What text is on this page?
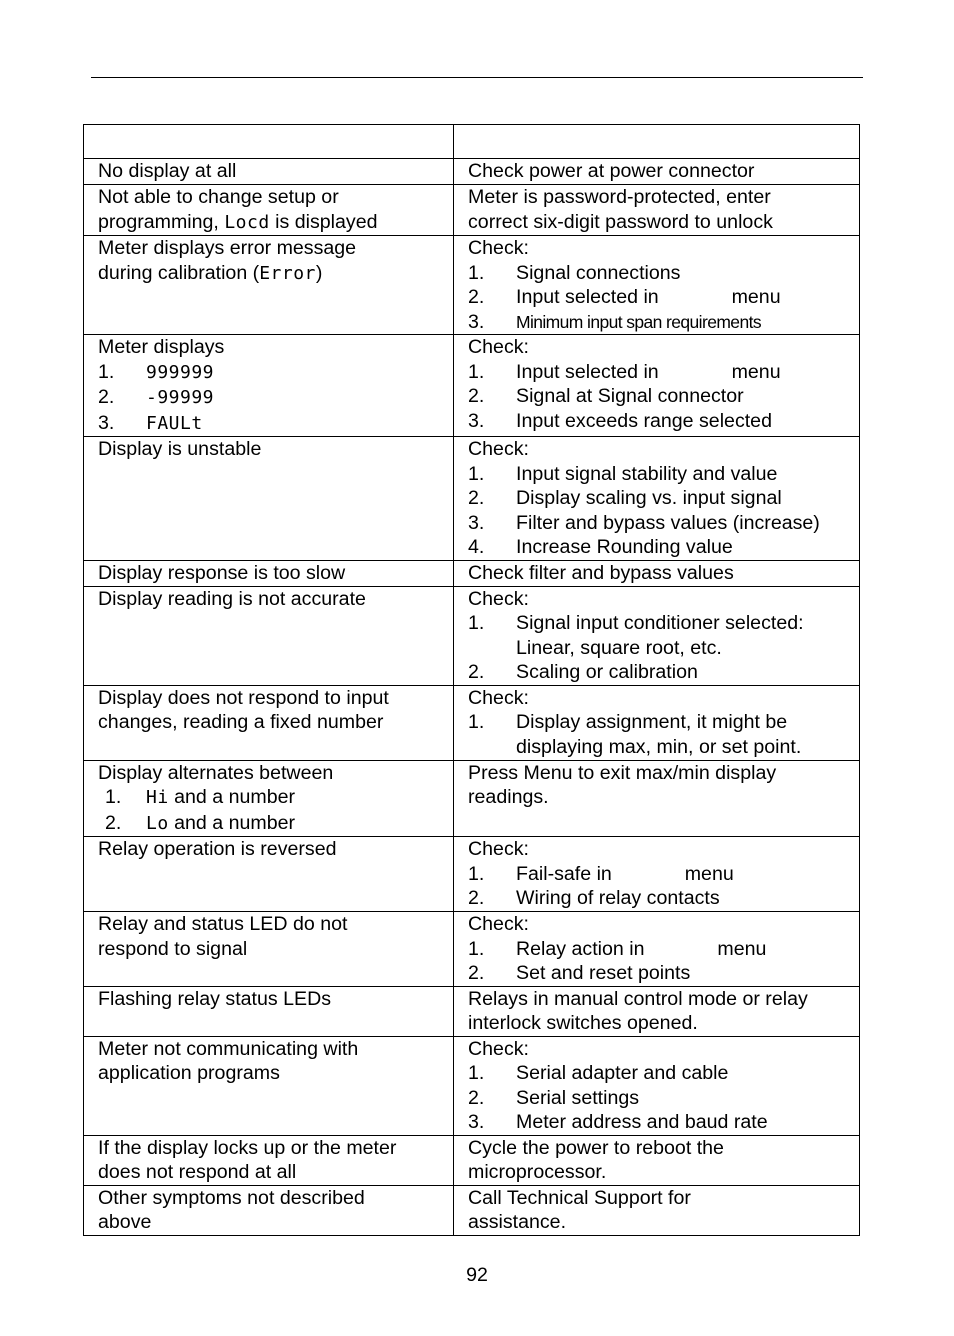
No display at all	Check power at power connector

Not able to change setup or
programming, Locd is displayed	Meter is password-protected, enter
correct six-digit password to unlock

Meter displays error message
during calibration (Error)	Check:
1. Signal connections
2. Input selected in menu
3. Minimum input span requirements

Meter displays
1. 999999
2. -99999
3. FAULt	Check:
1. Input selected in menu
2. Signal at Signal connector
3. Input exceeds range selected

Display is unstable	Check:
1. Input signal stability and value
2. Display scaling vs. input signal
3. Filter and bypass values (increase)
4. Increase Rounding value

Display response is too slow	Check filter and bypass values

Display reading is not accurate	Check:
1. Signal input conditioner selected:
Linear, square root, etc.
2. Scaling or calibration

Display does not respond to input
changes, reading a fixed number	Check:
1. Display assignment, it might be
displaying max, min, or set point.

Display alternates between
1. Hi and a number
2. Lo and a number	Press Menu to exit max/min display
readings.

Relay operation is reversed	Check:
1. Fail-safe in menu
2. Wiring of relay contacts

Relay and status LED do not
respond to signal	Check:
1. Relay action in menu
2. Set and reset points

Flashing relay status LEDs	Relays in manual control mode or relay
interlock switches opened.

Meter not communicating with
application programs	Check:
1. Serial adapter and cable
2. Serial settings
3. Meter address and baud rate

If the display locks up or the meter
does not respond at all	Cycle the power to reboot the
microprocessor.

Other symptoms not described
above	Call Technical Support for
assistance.
92
